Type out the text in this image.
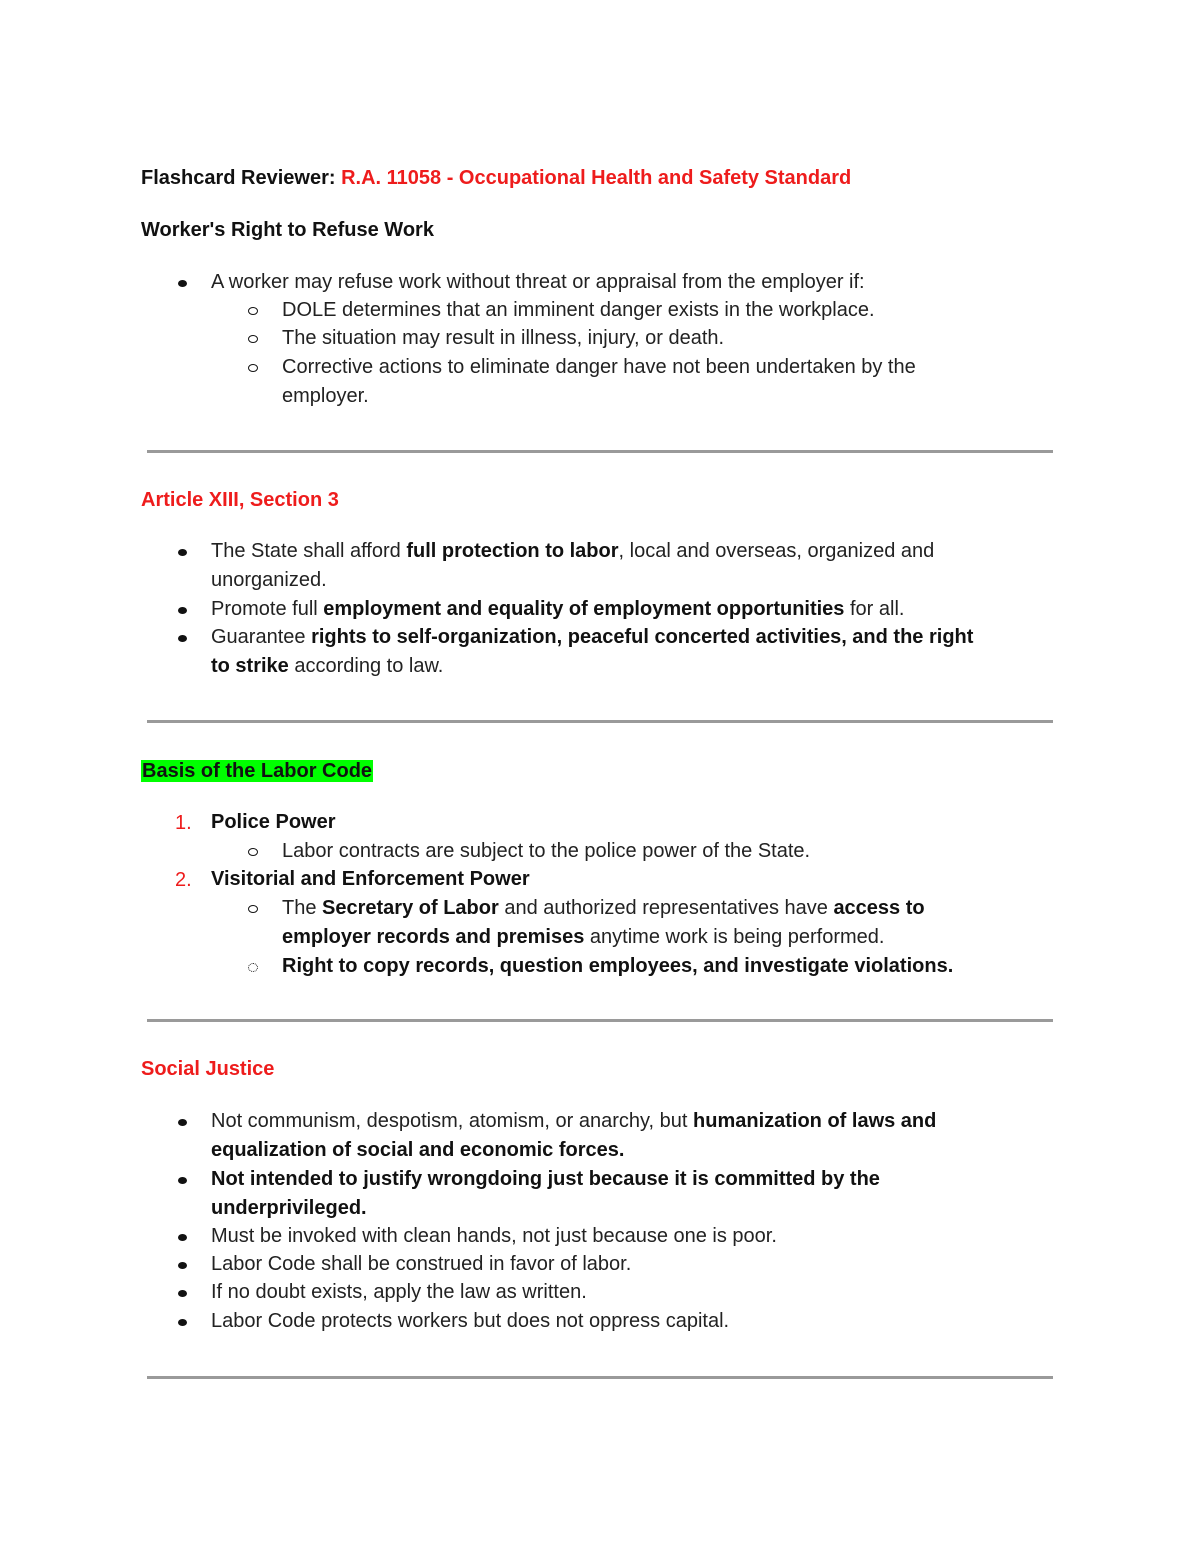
Flashcard Reviewer: R.A. 11058 - Occupational Health and Safety Standard
Worker's Right to Refuse Work
A worker may refuse work without threat or appraisal from the employer if:
DOLE determines that an imminent danger exists in the workplace.
The situation may result in illness, injury, or death.
Corrective actions to eliminate danger have not been undertaken by the
employer.
Article XIII, Section 3
The State shall afford full protection to labor, local and overseas, organized and
unorganized.
Promote full employment and equality of employment opportunities for all.
Guarantee rights to self-organization, peaceful concerted activities, and the right
to strike according to law.
Basis of the Labor Code
1. Police Power
Labor contracts are subject to the police power of the State.
2. Visitorial and Enforcement Power
The Secretary of Labor and authorized representatives have access to
employer records and premises anytime work is being performed.
Right to copy records, question employees, and investigate violations.
Social Justice
Not communism, despotism, atomism, or anarchy, but humanization of laws and
equalization of social and economic forces.
Not intended to justify wrongdoing just because it is committed by the
underprivileged.
Must be invoked with clean hands, not just because one is poor.
Labor Code shall be construed in favor of labor.
If no doubt exists, apply the law as written.
Labor Code protects workers but does not oppress capital.
